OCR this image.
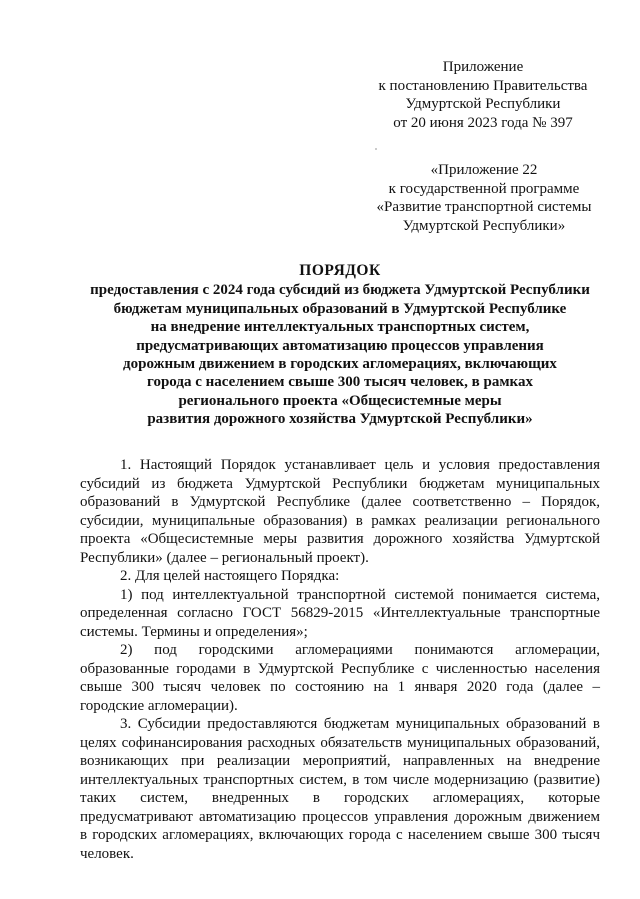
Приложение
к постановлению Правительства
Удмуртской Республики
от 20 июня 2023 года № 397
«Приложение 22
к государственной программе
«Развитие транспортной системы
Удмуртской Республики»
ПОРЯДОК
предоставления с 2024 года субсидий из бюджета Удмуртской Республики
бюджетам муниципальных образований в Удмуртской Республике
на внедрение интеллектуальных транспортных систем,
предусматривающих автоматизацию процессов управления
дорожным движением в городских агломерациях, включающих
города с населением свыше 300 тысяч человек, в рамках
регионального проекта «Общесистемные меры
развития дорожного хозяйства Удмуртской Республики»
1. Настоящий Порядок устанавливает цель и условия предоставления
субсидий из бюджета Удмуртской Республики бюджетам муниципальных
образований в Удмуртской Республике (далее соответственно – Порядок,
субсидии, муниципальные образования) в рамках реализации регионального
проекта «Общесистемные меры развития дорожного хозяйства Удмуртской
Республики» (далее – региональный проект).
2. Для целей настоящего Порядка:
1) под интеллектуальной транспортной системой понимается система,
определенная согласно ГОСТ 56829-2015 «Интеллектуальные транспортные
системы. Термины и определения»;
2) под городскими агломерациями понимаются агломерации,
образованные городами в Удмуртской Республике с численностью населения
свыше 300 тысяч человек по состоянию на 1 января 2020 года (далее –
городские агломерации).
3. Субсидии предоставляются бюджетам муниципальных образований в
целях софинансирования расходных обязательств муниципальных образований,
возникающих при реализации мероприятий, направленных на внедрение
интеллектуальных транспортных систем, в том числе модернизацию (развитие)
таких систем, внедренных в городских агломерациях, которые
предусматривают автоматизацию процессов управления дорожным движением
в городских агломерациях, включающих города с населением свыше 300 тысяч
человек.
